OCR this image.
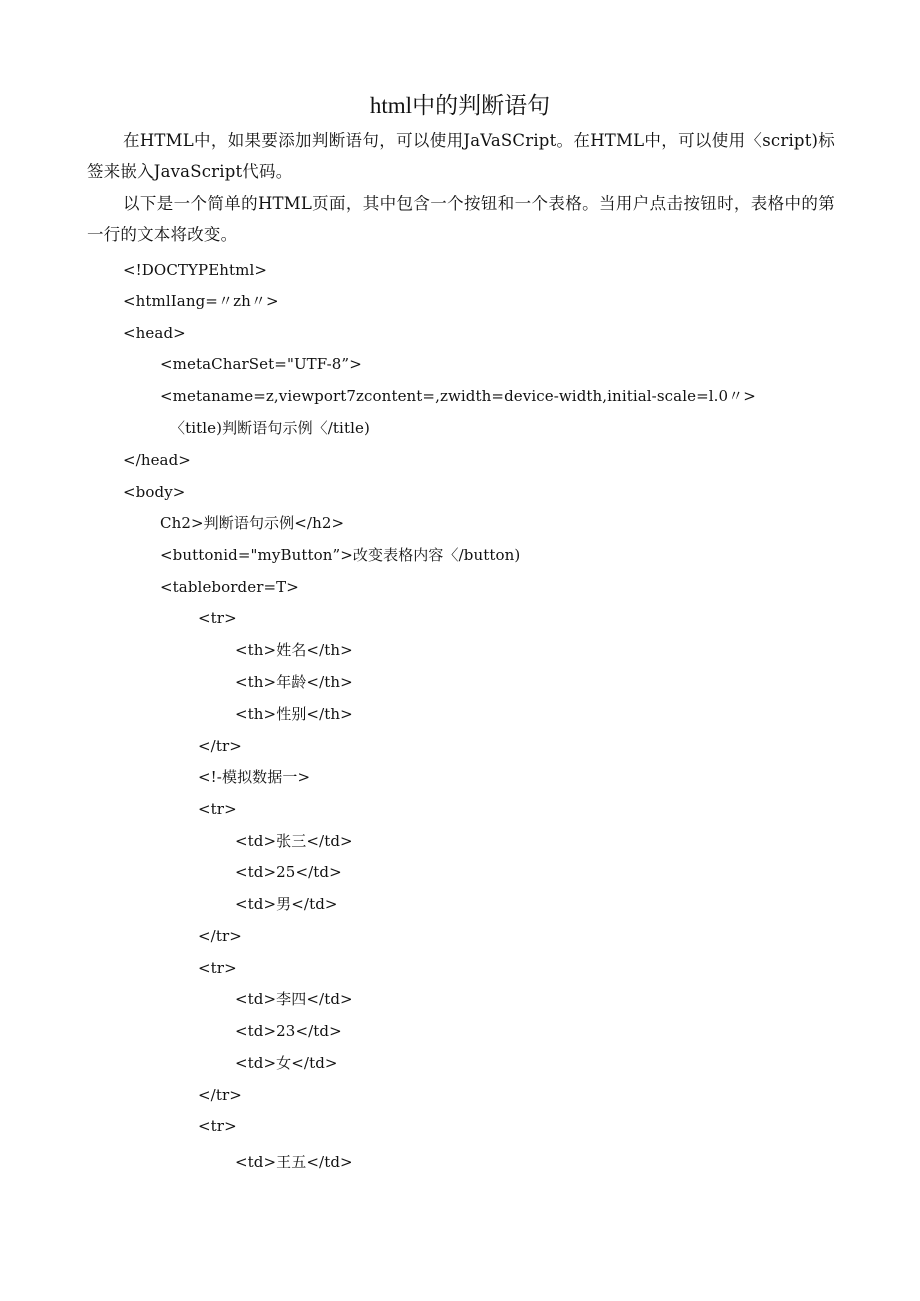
html中的判断语句

在HTML中，如果要添加判断语句，可以使用JaVaSCript。在HTML中，可以使用〈script)标签来嵌入JavaScript代码。

以下是一个简单的HTML页面，其中包含一个按钮和一个表格。当用户点击按钮时，表格中的第一行的文本将改变。

<!DOCTYPEhtml>
<htmlIang=〃zh〃>
<head>
<metaCharSet="UTF-8”>
<metaname=z,viewport7zcontent=,zwidth=device-width,initial-scale=l.0〃>
〈title)判断语句示例〈/title)
</head>
<body>
Ch2>判断语句示例</h2>
<buttonid="myButton”>改变表格内容〈/button)
<tableborder=T>
<tr>
<th>姓名</th>
<th>年龄</th>
<th>性别</th>
</tr>
<!-模拟数据一>
<tr>
<td>张三</td>
<td>25</td>
<td>男</td>
</tr>
<tr>
<td>李四</td>
<td>23</td>
<td>女</td>
</tr>
<tr>
<td>王五</td>
